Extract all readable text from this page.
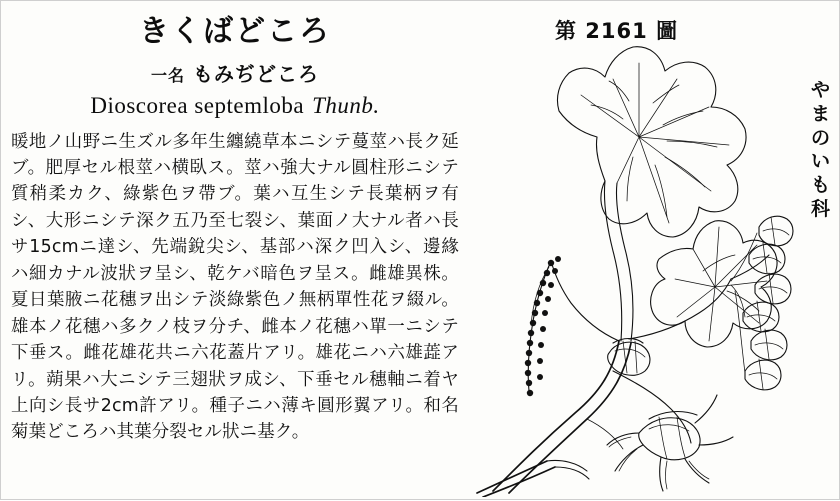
きくばどころ
一名 もみぢどころ
Dioscorea septemloba Thunb.
暖地ノ山野ニ生ズル多年生纏繞草本ニシテ蔓莖ハ長ク延ブ。肥厚セル根莖ハ横臥ス。莖ハ強大ナル圓柱形ニシテ質稍柔カク、綠紫色ヲ帶ブ。葉ハ互生シテ長葉柄ヲ有シ、大形ニシテ深ク五乃至七裂シ、葉面ノ大ナル者ハ長サ15cmニ達シ、先端銳尖シ、基部ハ深ク凹入シ、邊緣ハ細カナル波狀ヲ呈シ、乾ケバ暗色ヲ呈ス。雌雄異株。夏日葉腋ニ花穗ヲ出シテ淡綠紫色ノ無柄單性花ヲ綴ル。雄本ノ花穗ハ多クノ枝ヲ分チ、雌本ノ花穗ハ單一ニシテ下垂ス。雌花雄花共ニ六花蓋片アリ。雄花ニハ六雄蕋アリ。蒴果ハ大ニシテ三翅狀ヲ成シ、下垂セル穗軸ニ着ヤ上向シ長サ2cm許アリ。種子ニハ薄キ圓形翼アリ。和名菊葉どころハ其葉分裂セル狀ニ基ク。
第 2161 圖
や
ま
の
い
も
科
